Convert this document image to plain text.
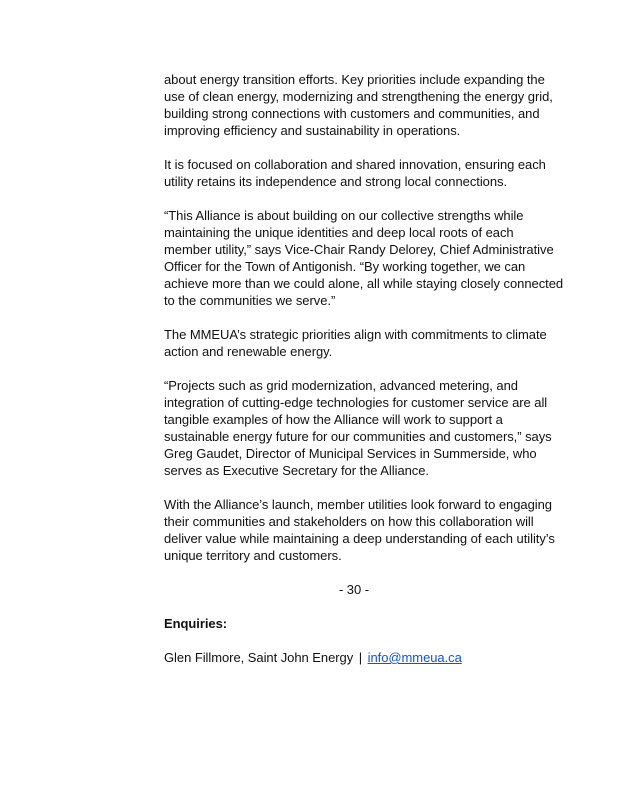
about energy transition efforts. Key priorities include expanding the use of clean energy, modernizing and strengthening the energy grid, building strong connections with customers and communities, and improving efficiency and sustainability in operations.

It is focused on collaboration and shared innovation, ensuring each utility retains its independence and strong local connections.

“This Alliance is about building on our collective strengths while maintaining the unique identities and deep local roots of each member utility,” says Vice-Chair Randy Delorey, Chief Administrative Officer for the Town of Antigonish. “By working together, we can achieve more than we could alone, all while staying closely connected to the communities we serve.”

The MMEUA’s strategic priorities align with commitments to climate action and renewable energy.

“Projects such as grid modernization, advanced metering, and integration of cutting-edge technologies for customer service are all tangible examples of how the Alliance will work to support a sustainable energy future for our communities and customers,” says Greg Gaudet, Director of Municipal Services in Summerside, who serves as Executive Secretary for the Alliance.

With the Alliance’s launch, member utilities look forward to engaging their communities and stakeholders on how this collaboration will deliver value while maintaining a deep understanding of each utility’s unique territory and customers.

- 30 -

Enquiries:

Glen Fillmore, Saint John Energy | info@mmeua.ca
